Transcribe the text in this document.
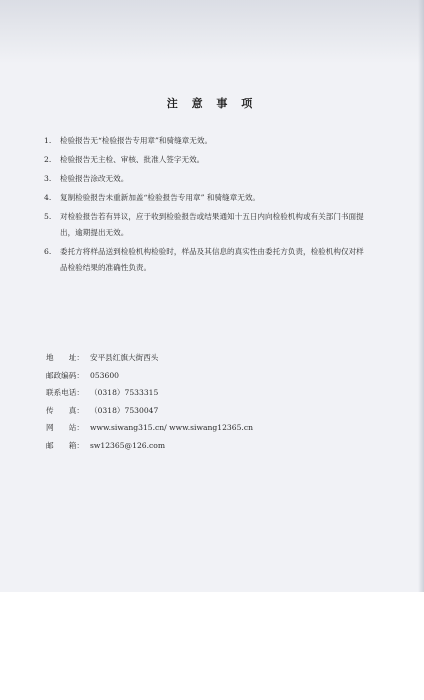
注 意 事 项
1. 检验报告无“检验报告专用章”和骑缝章无效。
2. 检验报告无主检、审核、批准人签字无效。
3. 检验报告涂改无效。
4. 复制检验报告未重新加盖“检验报告专用章” 和骑缝章无效。
5. 对检验报告若有异议，应于收到检验报告或结果通知十五日内向检验机构或有关部门书面提
出，逾期提出无效。
6. 委托方将样品送到检验机构检验时，样品及其信息的真实性由委托方负责，检验机构仅对样
品检验结果的准确性负责。
地　　址： 安平县红旗大街西头
邮政编码： 053600
联系电话： （0318）7533315
传　　真： （0318）7530047
网　　站： www.siwang315.cn/ www.siwang12365.cn
邮　　箱： sw12365@126.com
